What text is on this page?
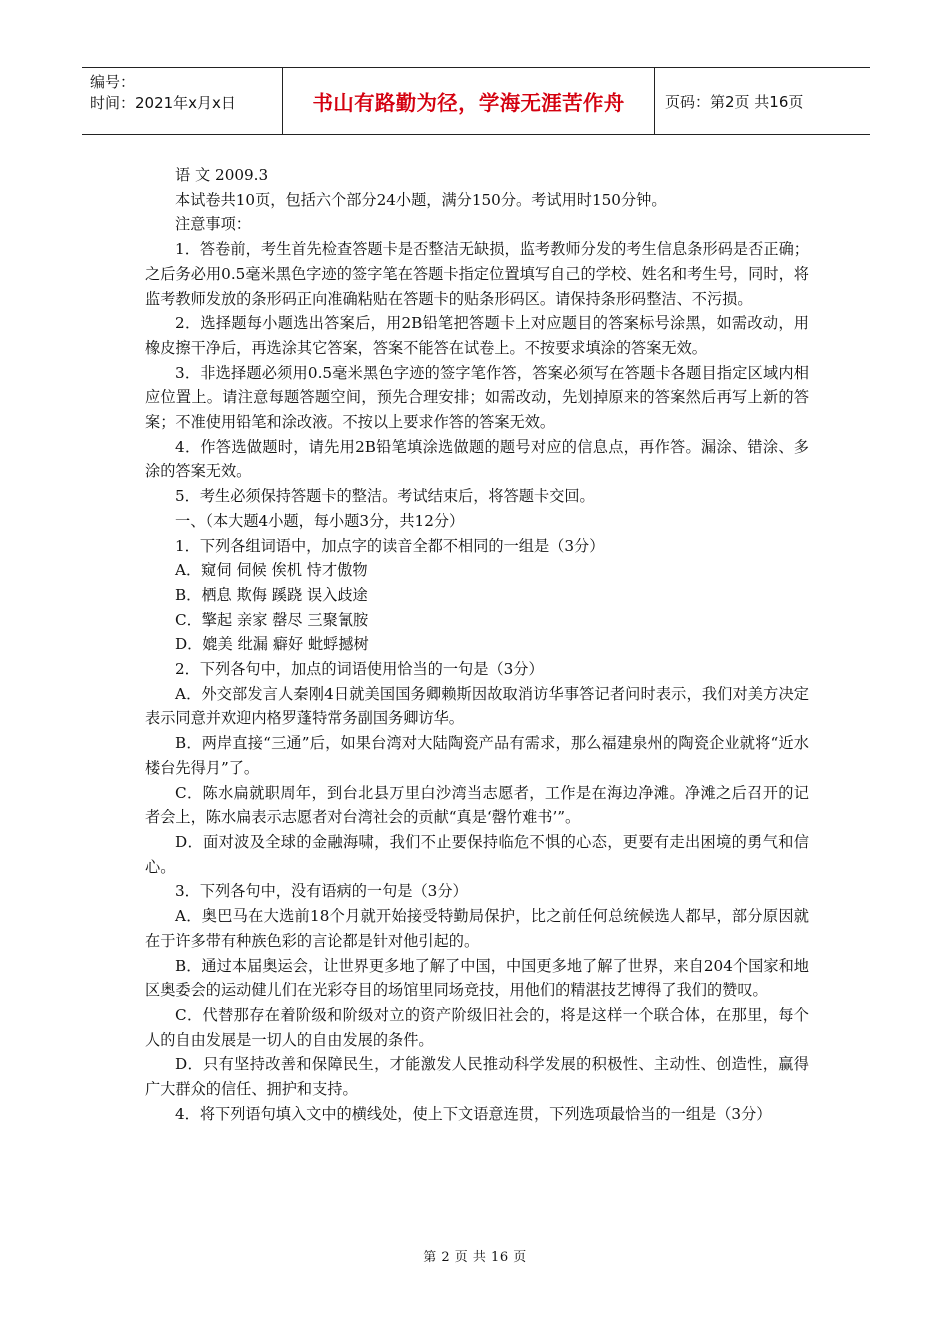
编号：
时间：2021年x月x日	书山有路勤为径，学海无涯苦作舟	页码：第2页 共16页

语 文 2009.3

本试卷共10页，包括六个部分24小题，满分150分。考试用时150分钟。

注意事项：

1．答卷前，考生首先检查答题卡是否整洁无缺损，监考教师分发的考生信息条形码是否正确；之后务必用0.5毫米黑色字迹的签字笔在答题卡指定位置填写自己的学校、姓名和考生号，同时，将监考教师发放的条形码正向准确粘贴在答题卡的贴条形码区。请保持条形码整洁、不污损。

2．选择题每小题选出答案后，用2B铅笔把答题卡上对应题目的答案标号涂黑，如需改动，用橡皮擦干净后，再选涂其它答案，答案不能答在试卷上。不按要求填涂的答案无效。

3．非选择题必须用0.5毫米黑色字迹的签字笔作答，答案必须写在答题卡各题目指定区域内相应位置上。请注意每题答题空间，预先合理安排；如需改动，先划掉原来的答案然后再写上新的答案；不准使用铅笔和涂改液。不按以上要求作答的答案无效。

4．作答选做题时，请先用2B铅笔填涂选做题的题号对应的信息点，再作答。漏涂、错涂、多涂的答案无效。

5．考生必须保持答题卡的整洁。考试结束后，将答题卡交回。

一、（本大题4小题，每小题3分，共12分）

1．下列各组词语中，加点字的读音全都不相同的一组是（3分）

A．窥伺 伺候 俟机 恃才傲物

B．栖息 欺侮 蹊跷 误入歧途

C．擎起 亲家 罄尽 三聚氰胺

D．媲美 纰漏 癖好 蚍蜉撼树

2．下列各句中，加点的词语使用恰当的一句是（3分）

A．外交部发言人秦刚4日就美国国务卿赖斯因故取消访华事答记者问时表示，我们对美方决定表示同意并欢迎内格罗蓬特常务副国务卿访华。

B．两岸直接“三通”后，如果台湾对大陆陶瓷产品有需求，那么福建泉州的陶瓷企业就将“近水楼台先得月”了。

C．陈水扁就职周年，到台北县万里白沙湾当志愿者，工作是在海边净滩。净滩之后召开的记者会上，陈水扁表示志愿者对台湾社会的贡献“真是‘罄竹难书’”。

D．面对波及全球的金融海啸，我们不止要保持临危不惧的心态，更要有走出困境的勇气和信心。

3．下列各句中，没有语病的一句是（3分）

A．奥巴马在大选前18个月就开始接受特勤局保护，比之前任何总统候选人都早，部分原因就在于许多带有种族色彩的言论都是针对他引起的。

B．通过本届奥运会，让世界更多地了解了中国，中国更多地了解了世界，来自204个国家和地区奥委会的运动健儿们在光彩夺目的场馆里同场竞技，用他们的精湛技艺博得了我们的赞叹。

C．代替那存在着阶级和阶级对立的资产阶级旧社会的，将是这样一个联合体，在那里，每个人的自由发展是一切人的自由发展的条件。

D．只有坚持改善和保障民生，才能激发人民推动科学发展的积极性、主动性、创造性，赢得广大群众的信任、拥护和支持。

4．将下列语句填入文中的横线处，使上下文语意连贯，下列选项最恰当的一组是（3分）

第 2 页 共 16 页
